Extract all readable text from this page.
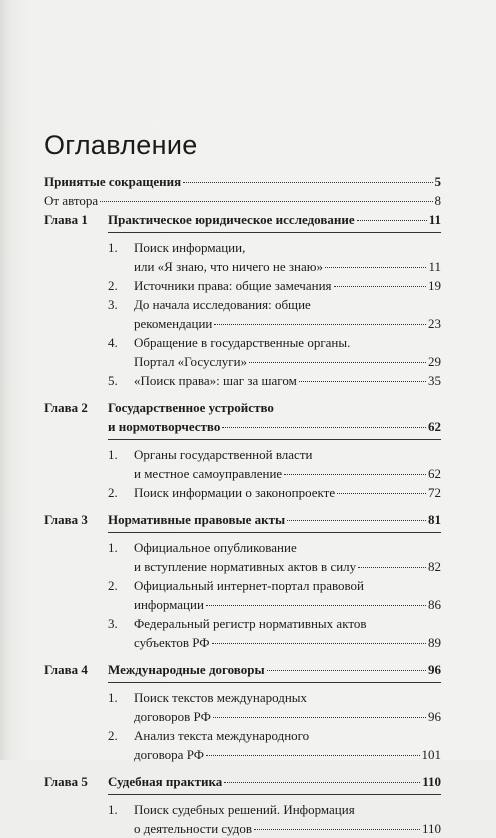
Оглавление
Принятые сокращения	5
От автора	8
Глава 1	Практическое юридическое исследование	11
1.	Поиск информации,
или «Я знаю, что ничего не знаю»	11
2.	Источники права: общие замечания	19
3.	До начала исследования: общие
рекомендации	23
4.	Обращение в государственные органы.
Портал «Госуслуги»	29
5.	«Поиск права»: шаг за шагом	35
Глава 2	Государственное устройство
и нормотворчество	62
1.	Органы государственной власти
и местное самоуправление	62
2.	Поиск информации о законопроекте	72
Глава 3	Нормативные правовые акты	81
1.	Официальное опубликование
и вступление нормативных актов в силу	82
2.	Официальный интернет-портал правовой
информации	86
3.	Федеральный регистр нормативных актов
субъектов РФ	89
Глава 4	Международные договоры	96
1.	Поиск текстов международных
договоров РФ	96
2.	Анализ текста международного
договора РФ	101
Глава 5	Судебная практика	110
1.	Поиск судебных решений. Информация
о деятельности судов	110
